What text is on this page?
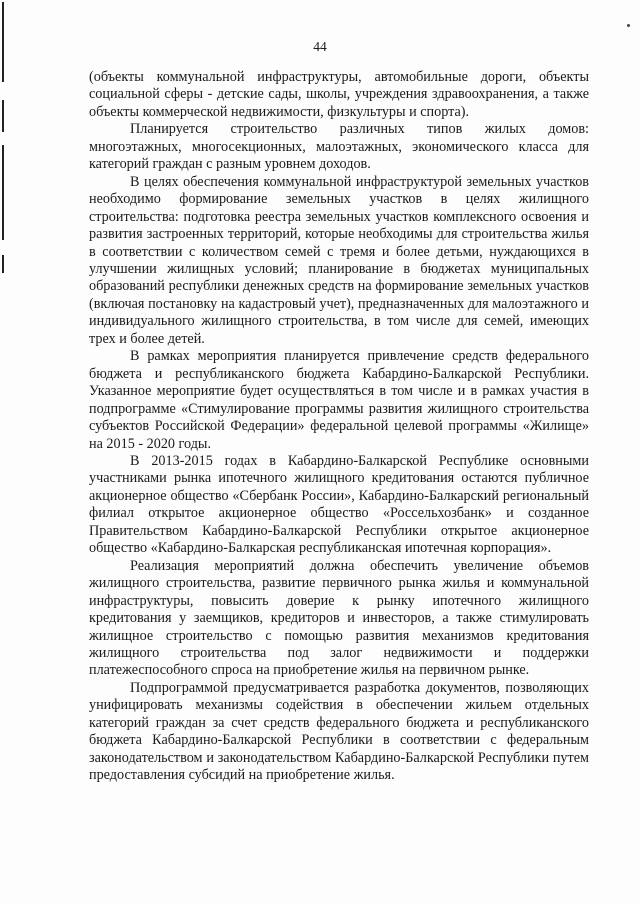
44

(объекты коммунальной инфраструктуры, автомобильные дороги, объекты социальной сферы - детские сады, школы, учреждения здравоохранения, а также объекты коммерческой недвижимости, физкультуры и спорта).

Планируется строительство различных типов жилых домов: многоэтажных, многосекционных, малоэтажных, экономического класса для категорий граждан с разным уровнем доходов.

В целях обеспечения коммунальной инфраструктурой земельных участков необходимо формирование земельных участков в целях жилищного строительства: подготовка реестра земельных участков комплексного освоения и развития застроенных территорий, которые необходимы для строительства жилья в соответствии с количеством семей с тремя и более детьми, нуждающихся в улучшении жилищных условий; планирование в бюджетах муниципальных образований республики денежных средств на формирование земельных участков (включая постановку на кадастровый учет), предназначенных для малоэтажного и индивидуального жилищного строительства, в том числе для семей, имеющих трех и более детей.

В рамках мероприятия планируется привлечение средств федерального бюджета и республиканского бюджета Кабардино-Балкарской Республики. Указанное мероприятие будет осуществляться в том числе и в рамках участия в подпрограмме «Стимулирование программы развития жилищного строительства субъектов Российской Федерации» федеральной целевой программы «Жилище» на 2015 - 2020 годы.

В 2013-2015 годах в Кабардино-Балкарской Республике основными участниками рынка ипотечного жилищного кредитования остаются публичное акционерное общество «Сбербанк России», Кабардино-Балкарский региональный филиал открытое акционерное общество «Россельхозбанк» и созданное Правительством Кабардино-Балкарской Республики открытое акционерное общество «Кабардино-Балкарская республиканская ипотечная корпорация».

Реализация мероприятий должна обеспечить увеличение объемов жилищного строительства, развитие первичного рынка жилья и коммунальной инфраструктуры, повысить доверие к рынку ипотечного жилищного кредитования у заемщиков, кредиторов и инвесторов, а также стимулировать жилищное строительство с помощью развития механизмов кредитования жилищного строительства под залог недвижимости и поддержки платежеспособного спроса на приобретение жилья на первичном рынке.

Подпрограммой предусматривается разработка документов, позволяющих унифицировать механизмы содействия в обеспечении жильем отдельных категорий граждан за счет средств федерального бюджета и республиканского бюджета Кабардино-Балкарской Республики в соответствии с федеральным законодательством и законодательством Кабардино-Балкарской Республики путем предоставления субсидий на приобретение жилья.
